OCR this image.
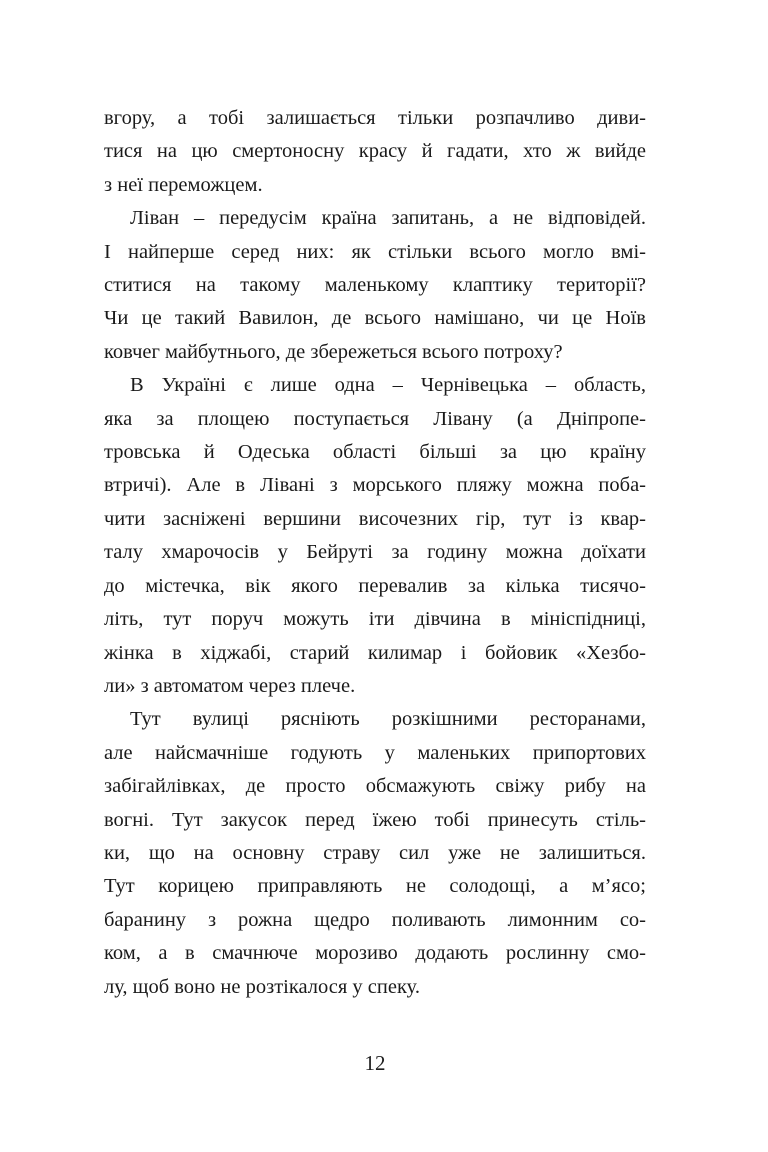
вгору, а тобі залишається тільки розпачливо диви-
тися на цю смертоносну красу й гадати, хто ж вийде
з неї переможцем.
Ліван – передусім країна запитань, а не відповідей.
І найперше серед них: як стільки всього могло вмі-
ститися на такому маленькому клаптику території?
Чи це такий Вавилон, де всього намішано, чи це Ноїв
ковчег майбутнього, де збережеться всього потроху?
В Україні є лише одна – Чернівецька – область,
яка за площею поступається Лівану (а Дніпропе-
тровська й Одеська області більші за цю країну
втричі). Але в Лівані з морського пляжу можна поба-
чити засніжені вершини височезних гір, тут із квар-
талу хмарочосів у Бейруті за годину можна доїхати
до містечка, вік якого перевалив за кілька тисячо-
літь, тут поруч можуть іти дівчина в мініспідниці,
жінка в хіджабі, старий килимар і бойовик «Хезбо-
ли» з автоматом через плече.
Тут вулиці рясніють розкішними ресторанами,
але найсмачніше годують у маленьких припортових
забігайлівках, де просто обсмажують свіжу рибу на
вогні. Тут закусок перед їжею тобі принесуть стіль-
ки, що на основну страву сил уже не залишиться.
Тут корицею приправляють не солодощі, а м’ясо;
баранину з рожна щедро поливають лимонним со-
ком, а в смачнюче морозиво додають рослинну смо-
лу, щоб воно не розтікалося у спеку.
12
